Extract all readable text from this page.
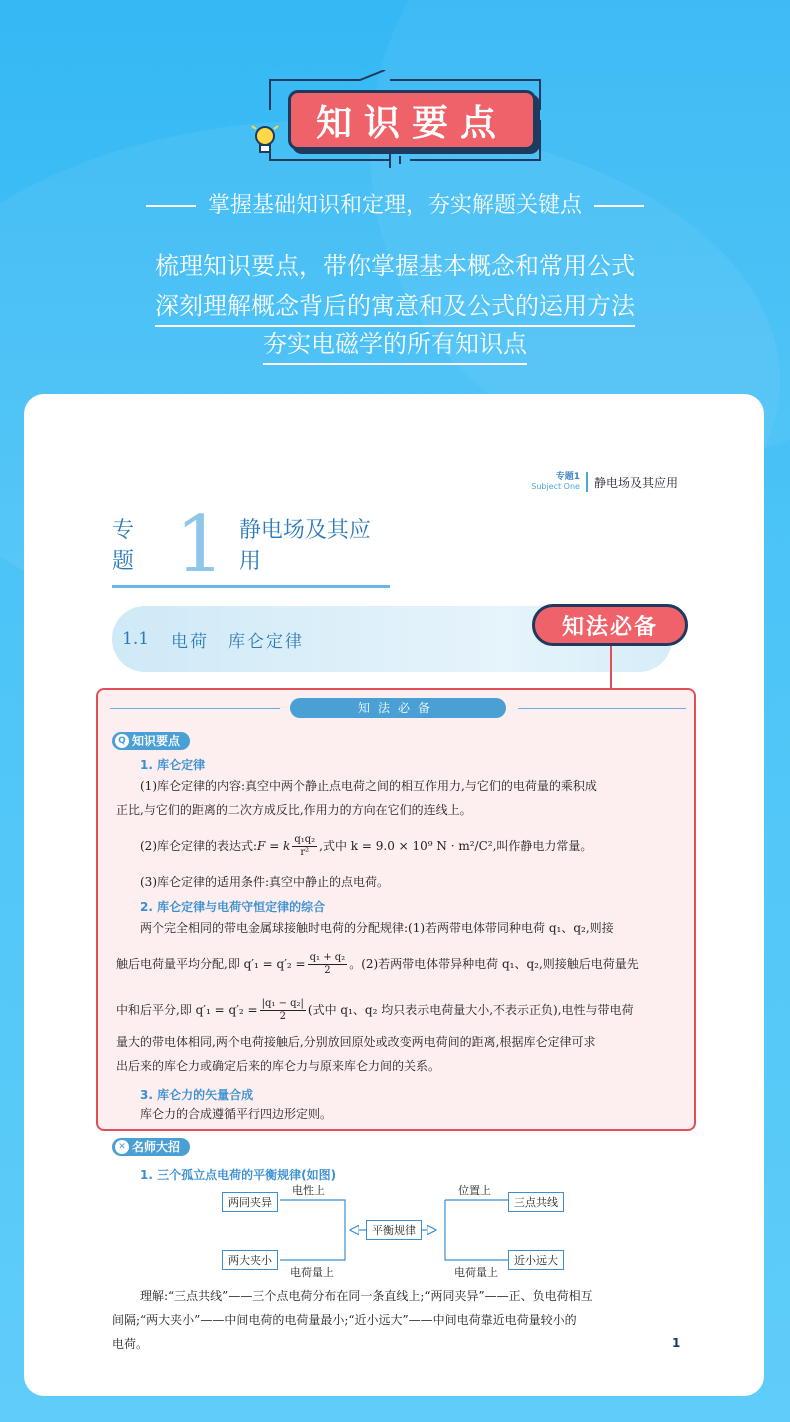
知识要点
掌握基础知识和定理，夯实解题关键点
梳理知识要点，带你掌握基本概念和常用公式
深刻理解概念背后的寓意和及公式的运用方法
夯实电磁学的所有知识点
专题1
Subject One 静电场及其应用
专题 1 静电场及其应用
1.1 电荷　库仑定律
知法必备
知法必备
Q 知识要点
1. 库仑定律
(1)库仑定律的内容:真空中两个静止点电荷之间的相互作用力,与它们的电荷量的乘积成
正比,与它们的距离的二次方成反比,作用力的方向在它们的连线上。
(2)库仑定律的表达式:F = k $\frac{\text{q₁q₂}}{\text{r²}}$ ,式中 k = 9.0 × 10⁹ N · m²/C²,叫作静电力常量。
(3)库仑定律的适用条件:真空中静止的点电荷。
2. 库仑定律与电荷守恒定律的综合
两个完全相同的带电金属球接触时电荷的分配规律:(1)若两带电体带同种电荷 q₁、q₂,则接
触后电荷量平均分配,即 $q'_1 = q'_2 = \frac{\text{q₁ + q₂}}{2}$ 。(2)若两带电体带异种电荷 q₁、q₂,则接触后电荷量先
中和后平分,即 $q'_1 = q'_2 = \frac{\text{|q₁ − q₂|}}{2}$ (式中 q₁、q₂ 均只表示电荷量大小,不表示正负),电性与带电荷
量大的带电体相同,两个电荷接触后,分别放回原处或改变两电荷间的距离,根据库仑定律可求
出后来的库仑力或确定后来的库仑力与原来库仑力间的关系。
3. 库仑力的矢量合成
库仑力的合成遵循平行四边形定则。
✕ 名师大招
1. 三个孤立点电荷的平衡规律(如图)
两同夹异
两大夹小
平衡规律
三点共线
近小远大
电性上
电荷量上
位置上
电荷量上
理解:“三点共线”——三个点电荷分布在同一条直线上;“两同夹异”——正、负电荷相互
间隔;“两大夹小”——中间电荷的电荷量最小;“近小远大”——中间电荷靠近电荷量较小的
电荷。	1
